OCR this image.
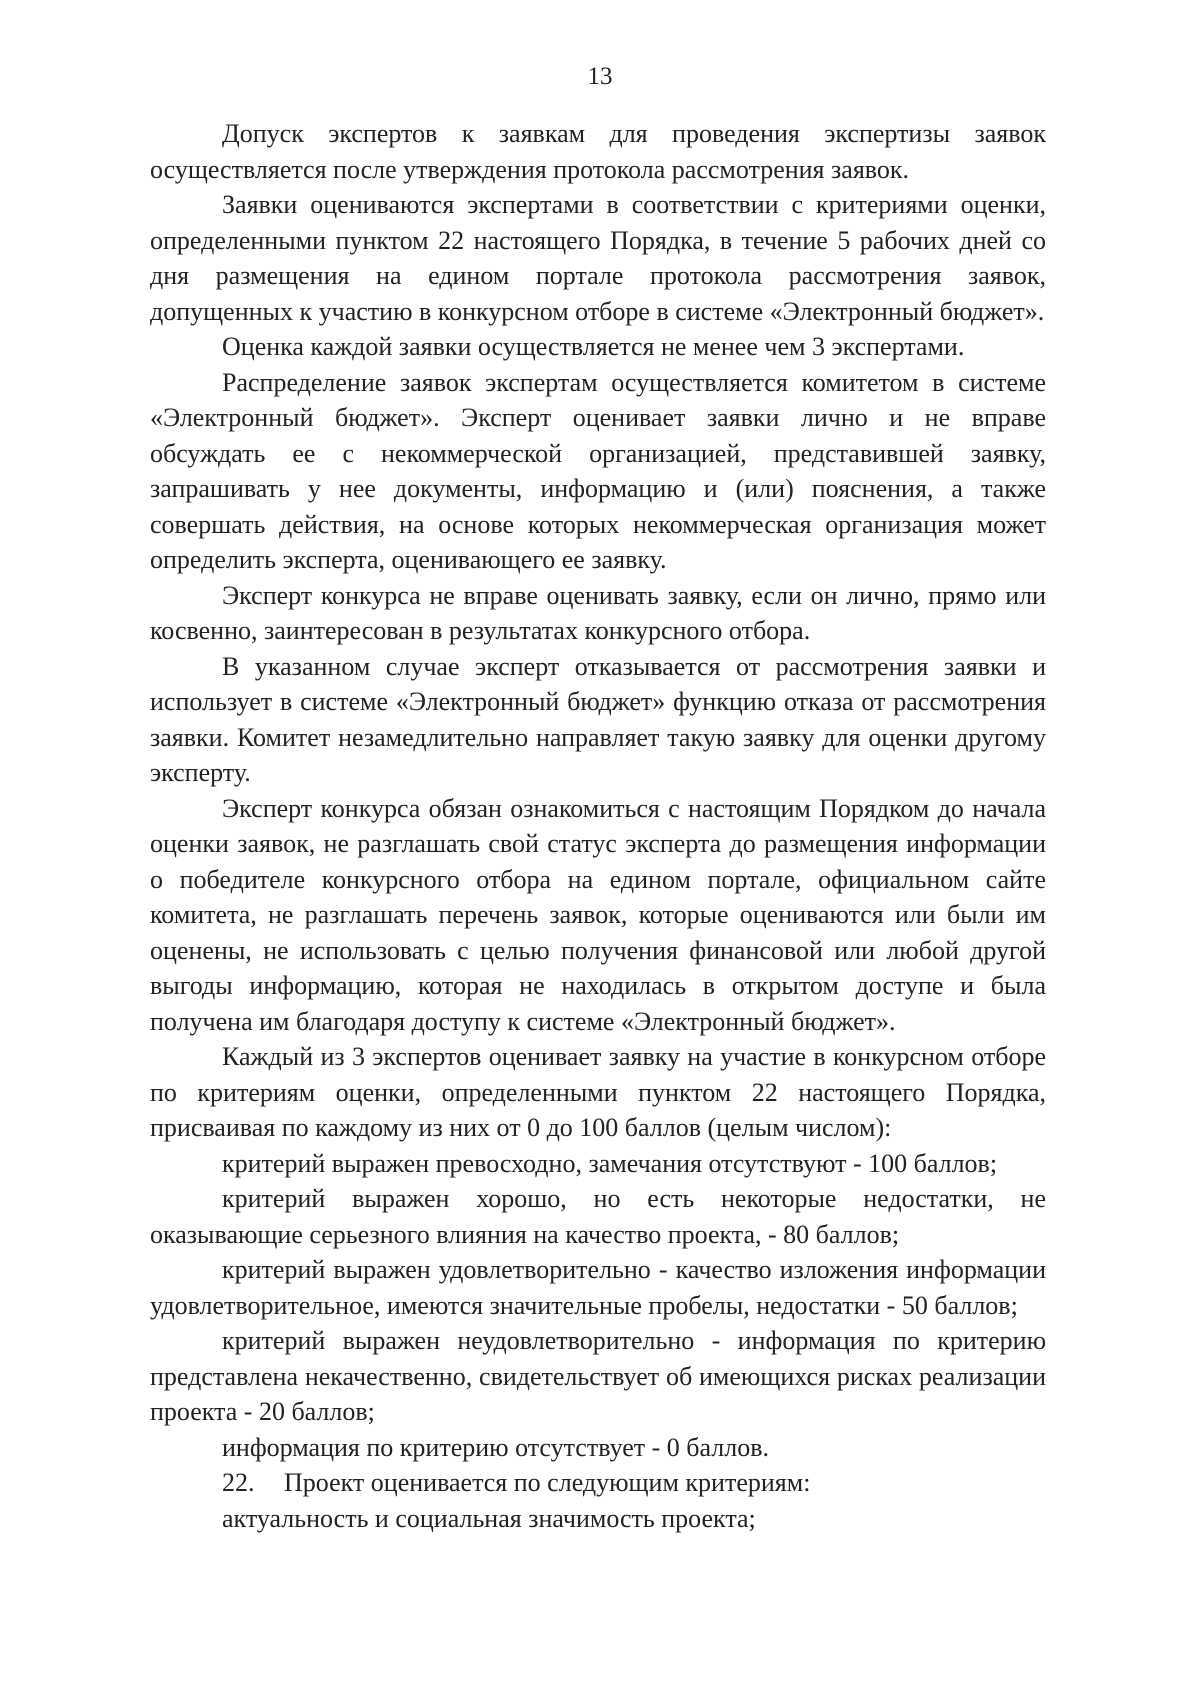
13

Допуск экспертов к заявкам для проведения экспертизы заявок осуществляется после утверждения протокола рассмотрения заявок.

Заявки оцениваются экспертами в соответствии с критериями оценки, определенными пунктом 22 настоящего Порядка, в течение 5 рабочих дней со дня размещения на едином портале протокола рассмотрения заявок, допущенных к участию в конкурсном отборе в системе «Электронный бюджет».

Оценка каждой заявки осуществляется не менее чем 3 экспертами.

Распределение заявок экспертам осуществляется комитетом в системе «Электронный бюджет». Эксперт оценивает заявки лично и не вправе обсуждать ее с некоммерческой организацией, представившей заявку, запрашивать у нее документы, информацию и (или) пояснения, а также совершать действия, на основе которых некоммерческая организация может определить эксперта, оценивающего ее заявку.

Эксперт конкурса не вправе оценивать заявку, если он лично, прямо или косвенно, заинтересован в результатах конкурсного отбора.

В указанном случае эксперт отказывается от рассмотрения заявки и использует в системе «Электронный бюджет» функцию отказа от рассмотрения заявки. Комитет незамедлительно направляет такую заявку для оценки другому эксперту.

Эксперт конкурса обязан ознакомиться с настоящим Порядком до начала оценки заявок, не разглашать свой статус эксперта до размещения информации о победителе конкурсного отбора на едином портале, официальном сайте комитета, не разглашать перечень заявок, которые оцениваются или были им оценены, не использовать с целью получения финансовой или любой другой выгоды информацию, которая не находилась в открытом доступе и была получена им благодаря доступу к системе «Электронный бюджет».

Каждый из 3 экспертов оценивает заявку на участие в конкурсном отборе по критериям оценки, определенными пунктом 22 настоящего Порядка, присваивая по каждому из них от 0 до 100 баллов (целым числом):

критерий выражен превосходно, замечания отсутствуют - 100 баллов;

критерий выражен хорошо, но есть некоторые недостатки, не оказывающие серьезного влияния на качество проекта, - 80 баллов;

критерий выражен удовлетворительно - качество изложения информации удовлетворительное, имеются значительные пробелы, недостатки - 50 баллов;

критерий выражен неудовлетворительно - информация по критерию представлена некачественно, свидетельствует об имеющихся рисках реализации проекта - 20 баллов;

информация по критерию отсутствует - 0 баллов.

22. Проект оценивается по следующим критериям:

актуальность и социальная значимость проекта;
